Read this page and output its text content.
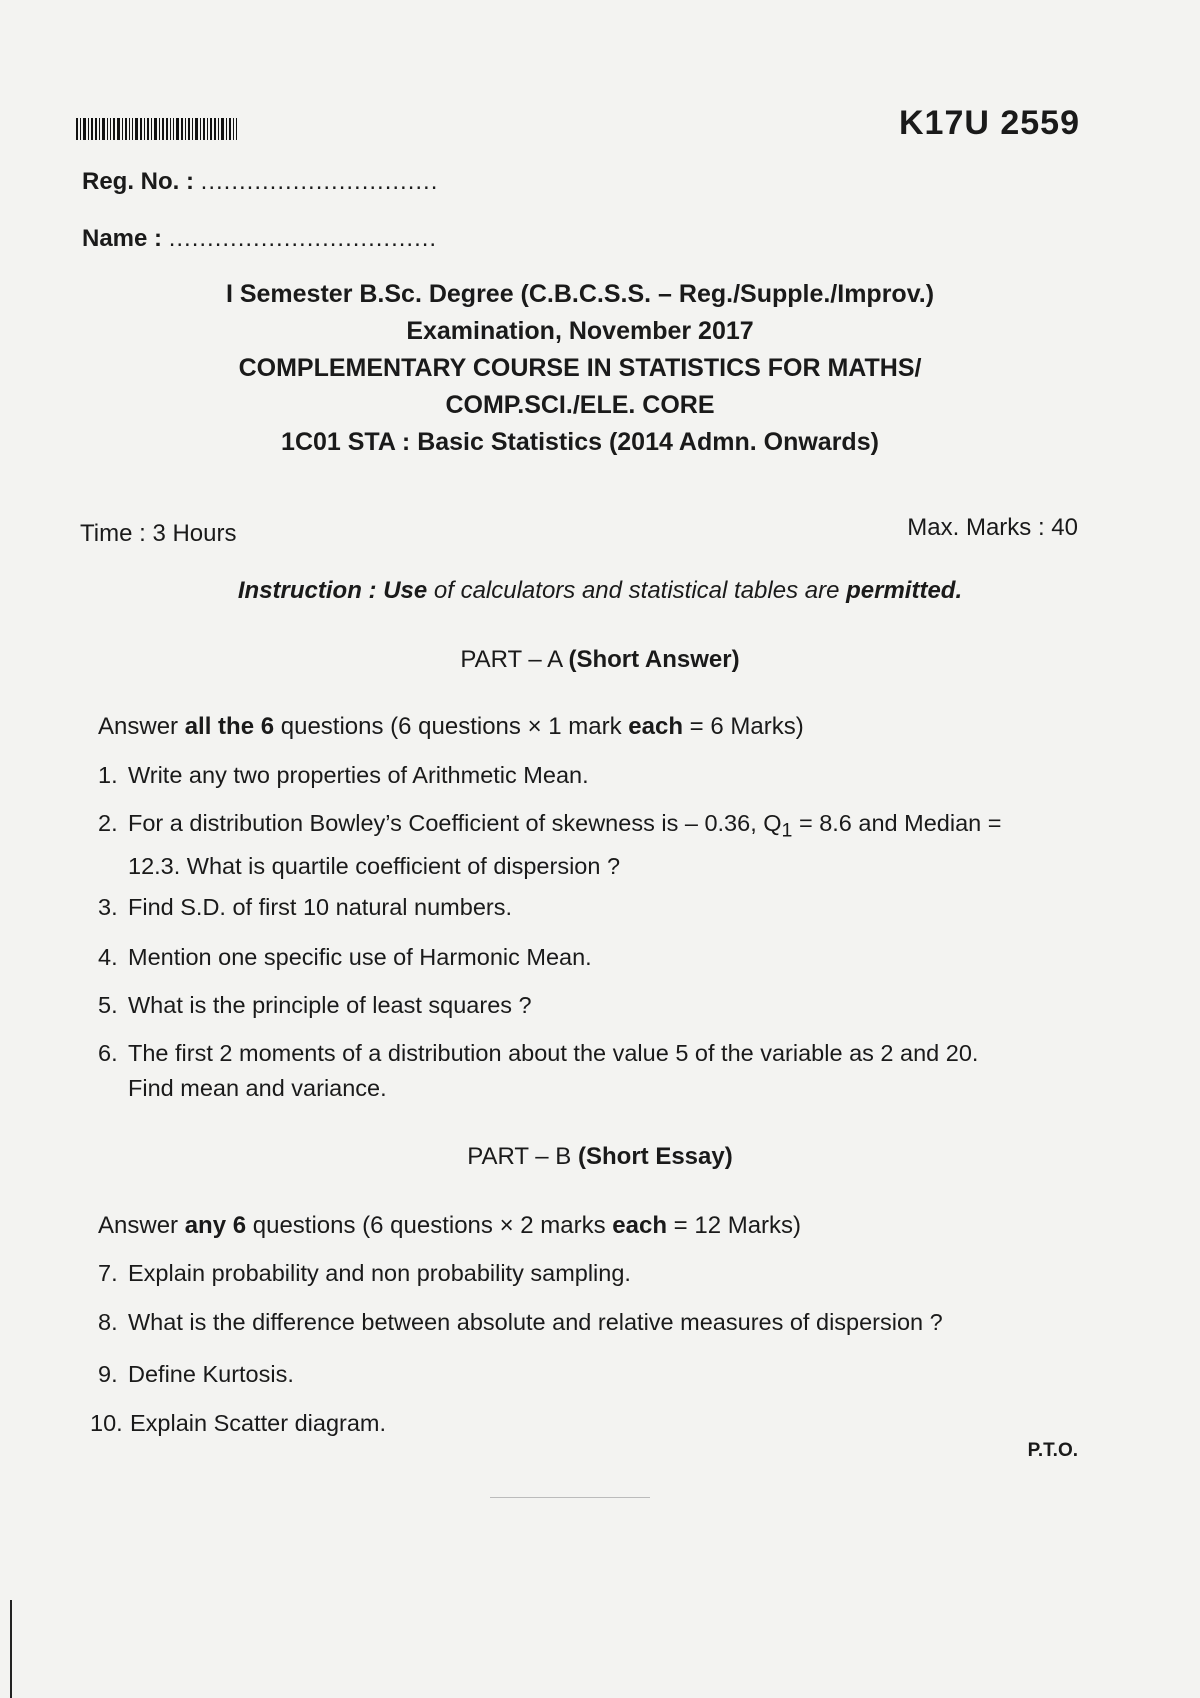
K17U 2559
Reg. No. : ...............................
Name : ...................................
I Semester B.Sc. Degree (C.B.C.S.S. – Reg./Supple./Improv.)
Examination, November 2017
COMPLEMENTARY COURSE IN STATISTICS FOR MATHS/
COMP.SCI./ELE. CORE
1C01 STA : Basic Statistics (2014 Admn. Onwards)
Time : 3 Hours	Max. Marks : 40
Instruction : Use of calculators and statistical tables are permitted.
PART – A (Short Answer)
Answer all the 6 questions (6 questions × 1 mark each = 6 Marks)
1. Write any two properties of Arithmetic Mean.
2. For a distribution Bowley’s Coefficient of skewness is – 0.36, $Q_1 = 8.6$ and Median = 12.3. What is quartile coefficient of dispersion ?
3. Find S.D. of first 10 natural numbers.
4. Mention one specific use of Harmonic Mean.
5. What is the principle of least squares ?
6. The first 2 moments of a distribution about the value 5 of the variable as 2 and 20. Find mean and variance.
PART – B (Short Essay)
Answer any 6 questions (6 questions × 2 marks each = 12 Marks)
7. Explain probability and non probability sampling.
8. What is the difference between absolute and relative measures of dispersion ?
9. Define Kurtosis.
10. Explain Scatter diagram.
P.T.O.
